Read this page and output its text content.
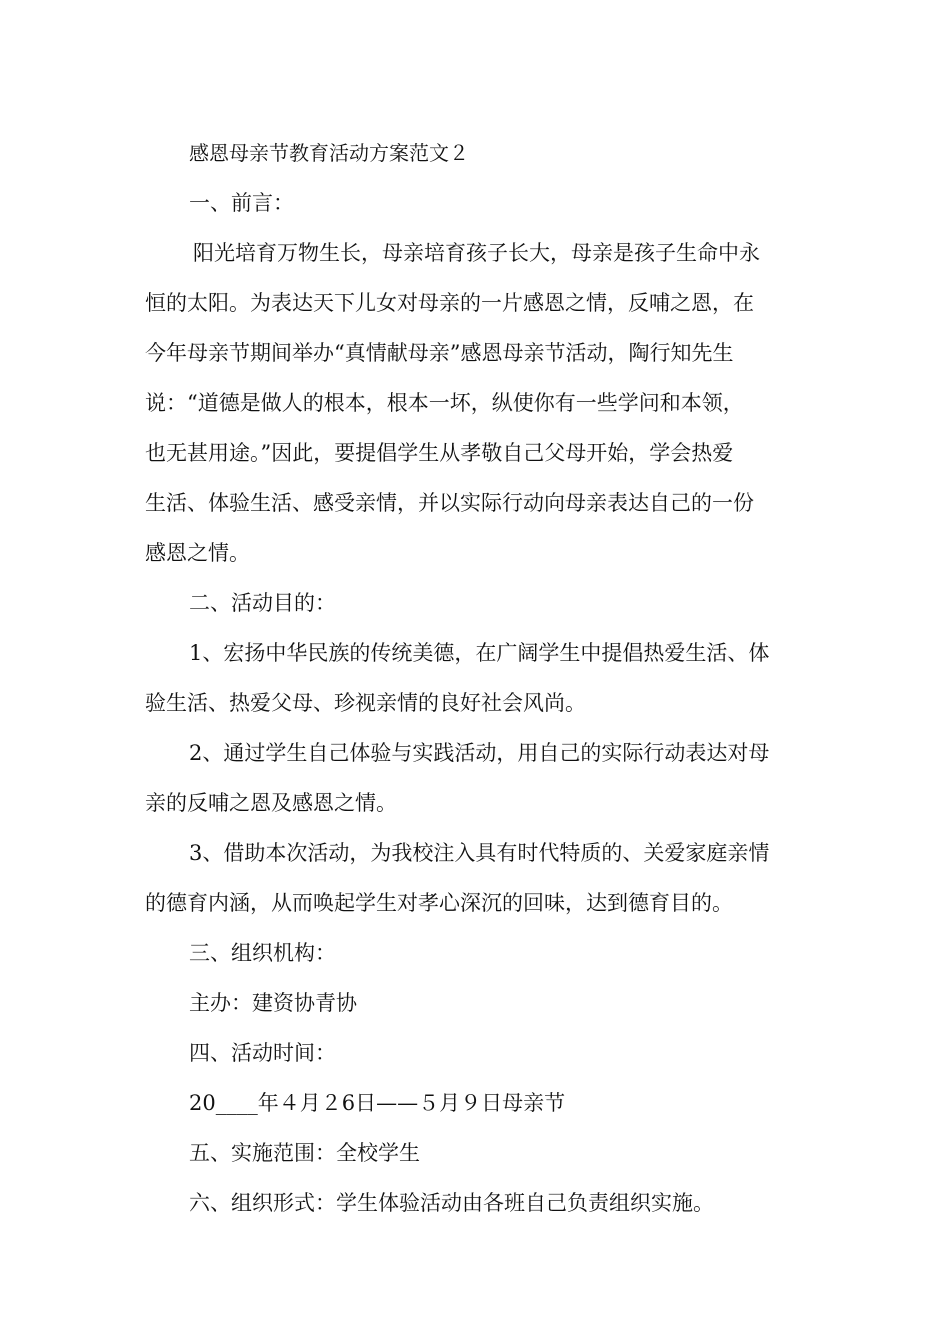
感恩母亲节教育活动方案范文２
一、前言：
阳光培育万物生长，母亲培育孩子长大，母亲是孩子生命中永
恒的太阳。为表达天下儿女对母亲的一片感恩之情，反哺之恩，在
今年母亲节期间举办“真情献母亲”感恩母亲节活动，陶行知先生
说：“道德是做人的根本，根本一坏，纵使你有一些学问和本领，
也无甚用途。”因此，要提倡学生从孝敬自己父母开始，学会热爱
生活、体验生活、感受亲情，并以实际行动向母亲表达自己的一份
感恩之情。
二、活动目的：
1、宏扬中华民族的传统美德，在广阔学生中提倡热爱生活、体
验生活、热爱父母、珍视亲情的良好社会风尚。
2、通过学生自己体验与实践活动，用自己的实际行动表达对母
亲的反哺之恩及感恩之情。
3、借助本次活动，为我校注入具有时代特质的、关爱家庭亲情
的德育内涵，从而唤起学生对孝心深沉的回味，达到德育目的。
三、组织机构：
主办：建资协青协
四、活动时间：
20____年４月２6日——５月９日母亲节
五、实施范围：全校学生
六、组织形式：学生体验活动由各班自己负责组织实施。
